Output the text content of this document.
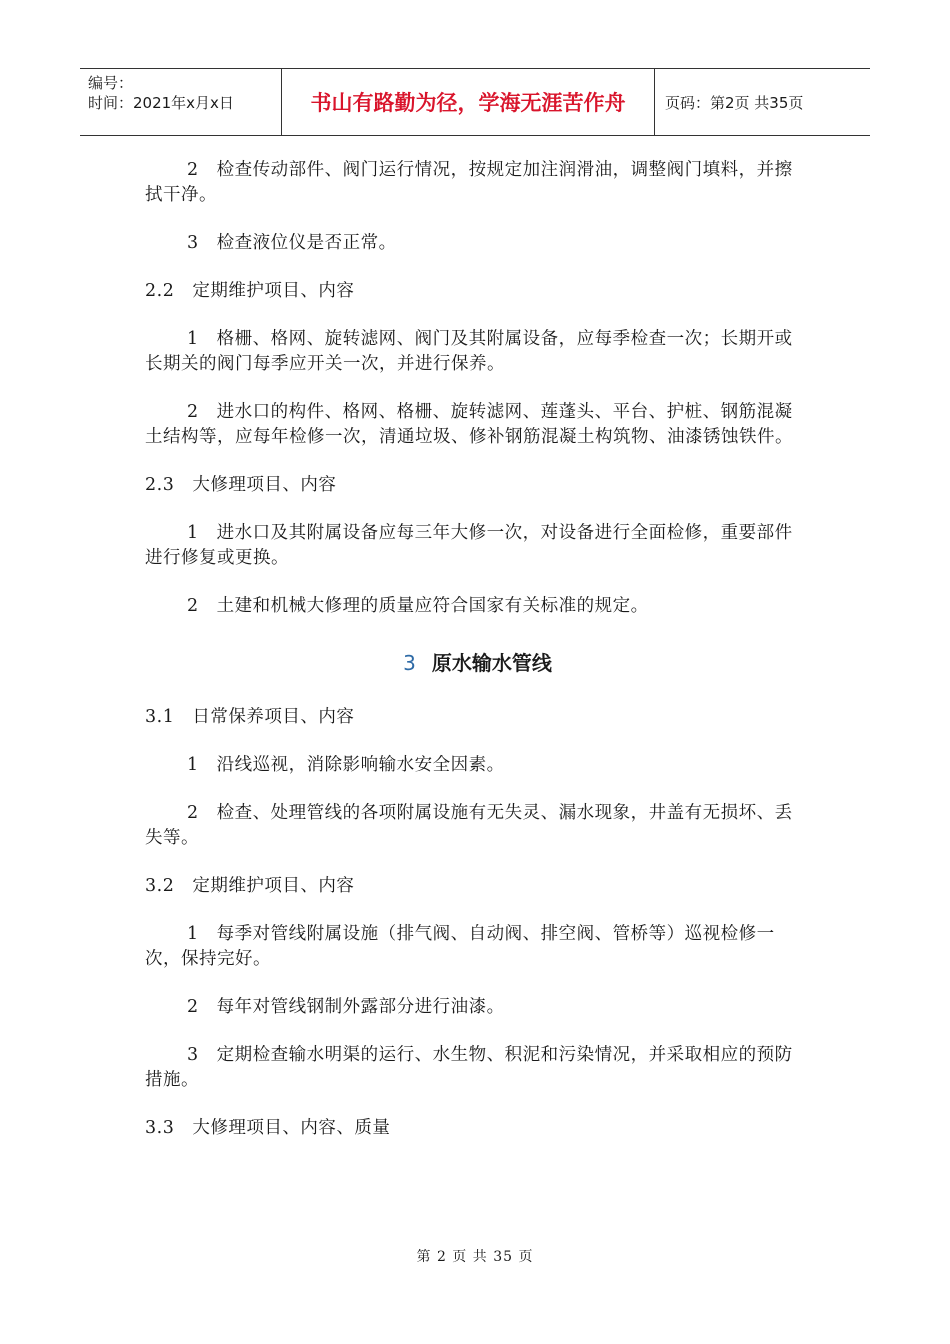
编号：
时间：2021年x月x日	书山有路勤为径，学海无涯苦作舟	页码：第2页 共35页

2　检查传动部件、阀门运行情况，按规定加注润滑油，调整阀门填料，并擦拭干净。

3　检查液位仪是否正常。

2.2　定期维护项目、内容

1　格栅、格网、旋转滤网、阀门及其附属设备，应每季检查一次；长期开或长期关的阀门每季应开关一次，并进行保养。

2　进水口的构件、格网、格栅、旋转滤网、莲蓬头、平台、护桩、钢筋混凝土结构等，应每年检修一次，清通垃圾、修补钢筋混凝土构筑物、油漆锈蚀铁件。

2.3　大修理项目、内容

1　进水口及其附属设备应每三年大修一次，对设备进行全面检修，重要部件进行修复或更换。

2　土建和机械大修理的质量应符合国家有关标准的规定。

3 原水输水管线

3.1　日常保养项目、内容

1　沿线巡视，消除影响输水安全因素。

2　检查、处理管线的各项附属设施有无失灵、漏水现象，井盖有无损坏、丢失等。

3.2　定期维护项目、内容

1　每季对管线附属设施（排气阀、自动阀、排空阀、管桥等）巡视检修一次，保持完好。

2　每年对管线钢制外露部分进行油漆。

3　定期检查输水明渠的运行、水生物、积泥和污染情况，并采取相应的预防措施。

3.3　大修理项目、内容、质量

第 2 页 共 35 页
